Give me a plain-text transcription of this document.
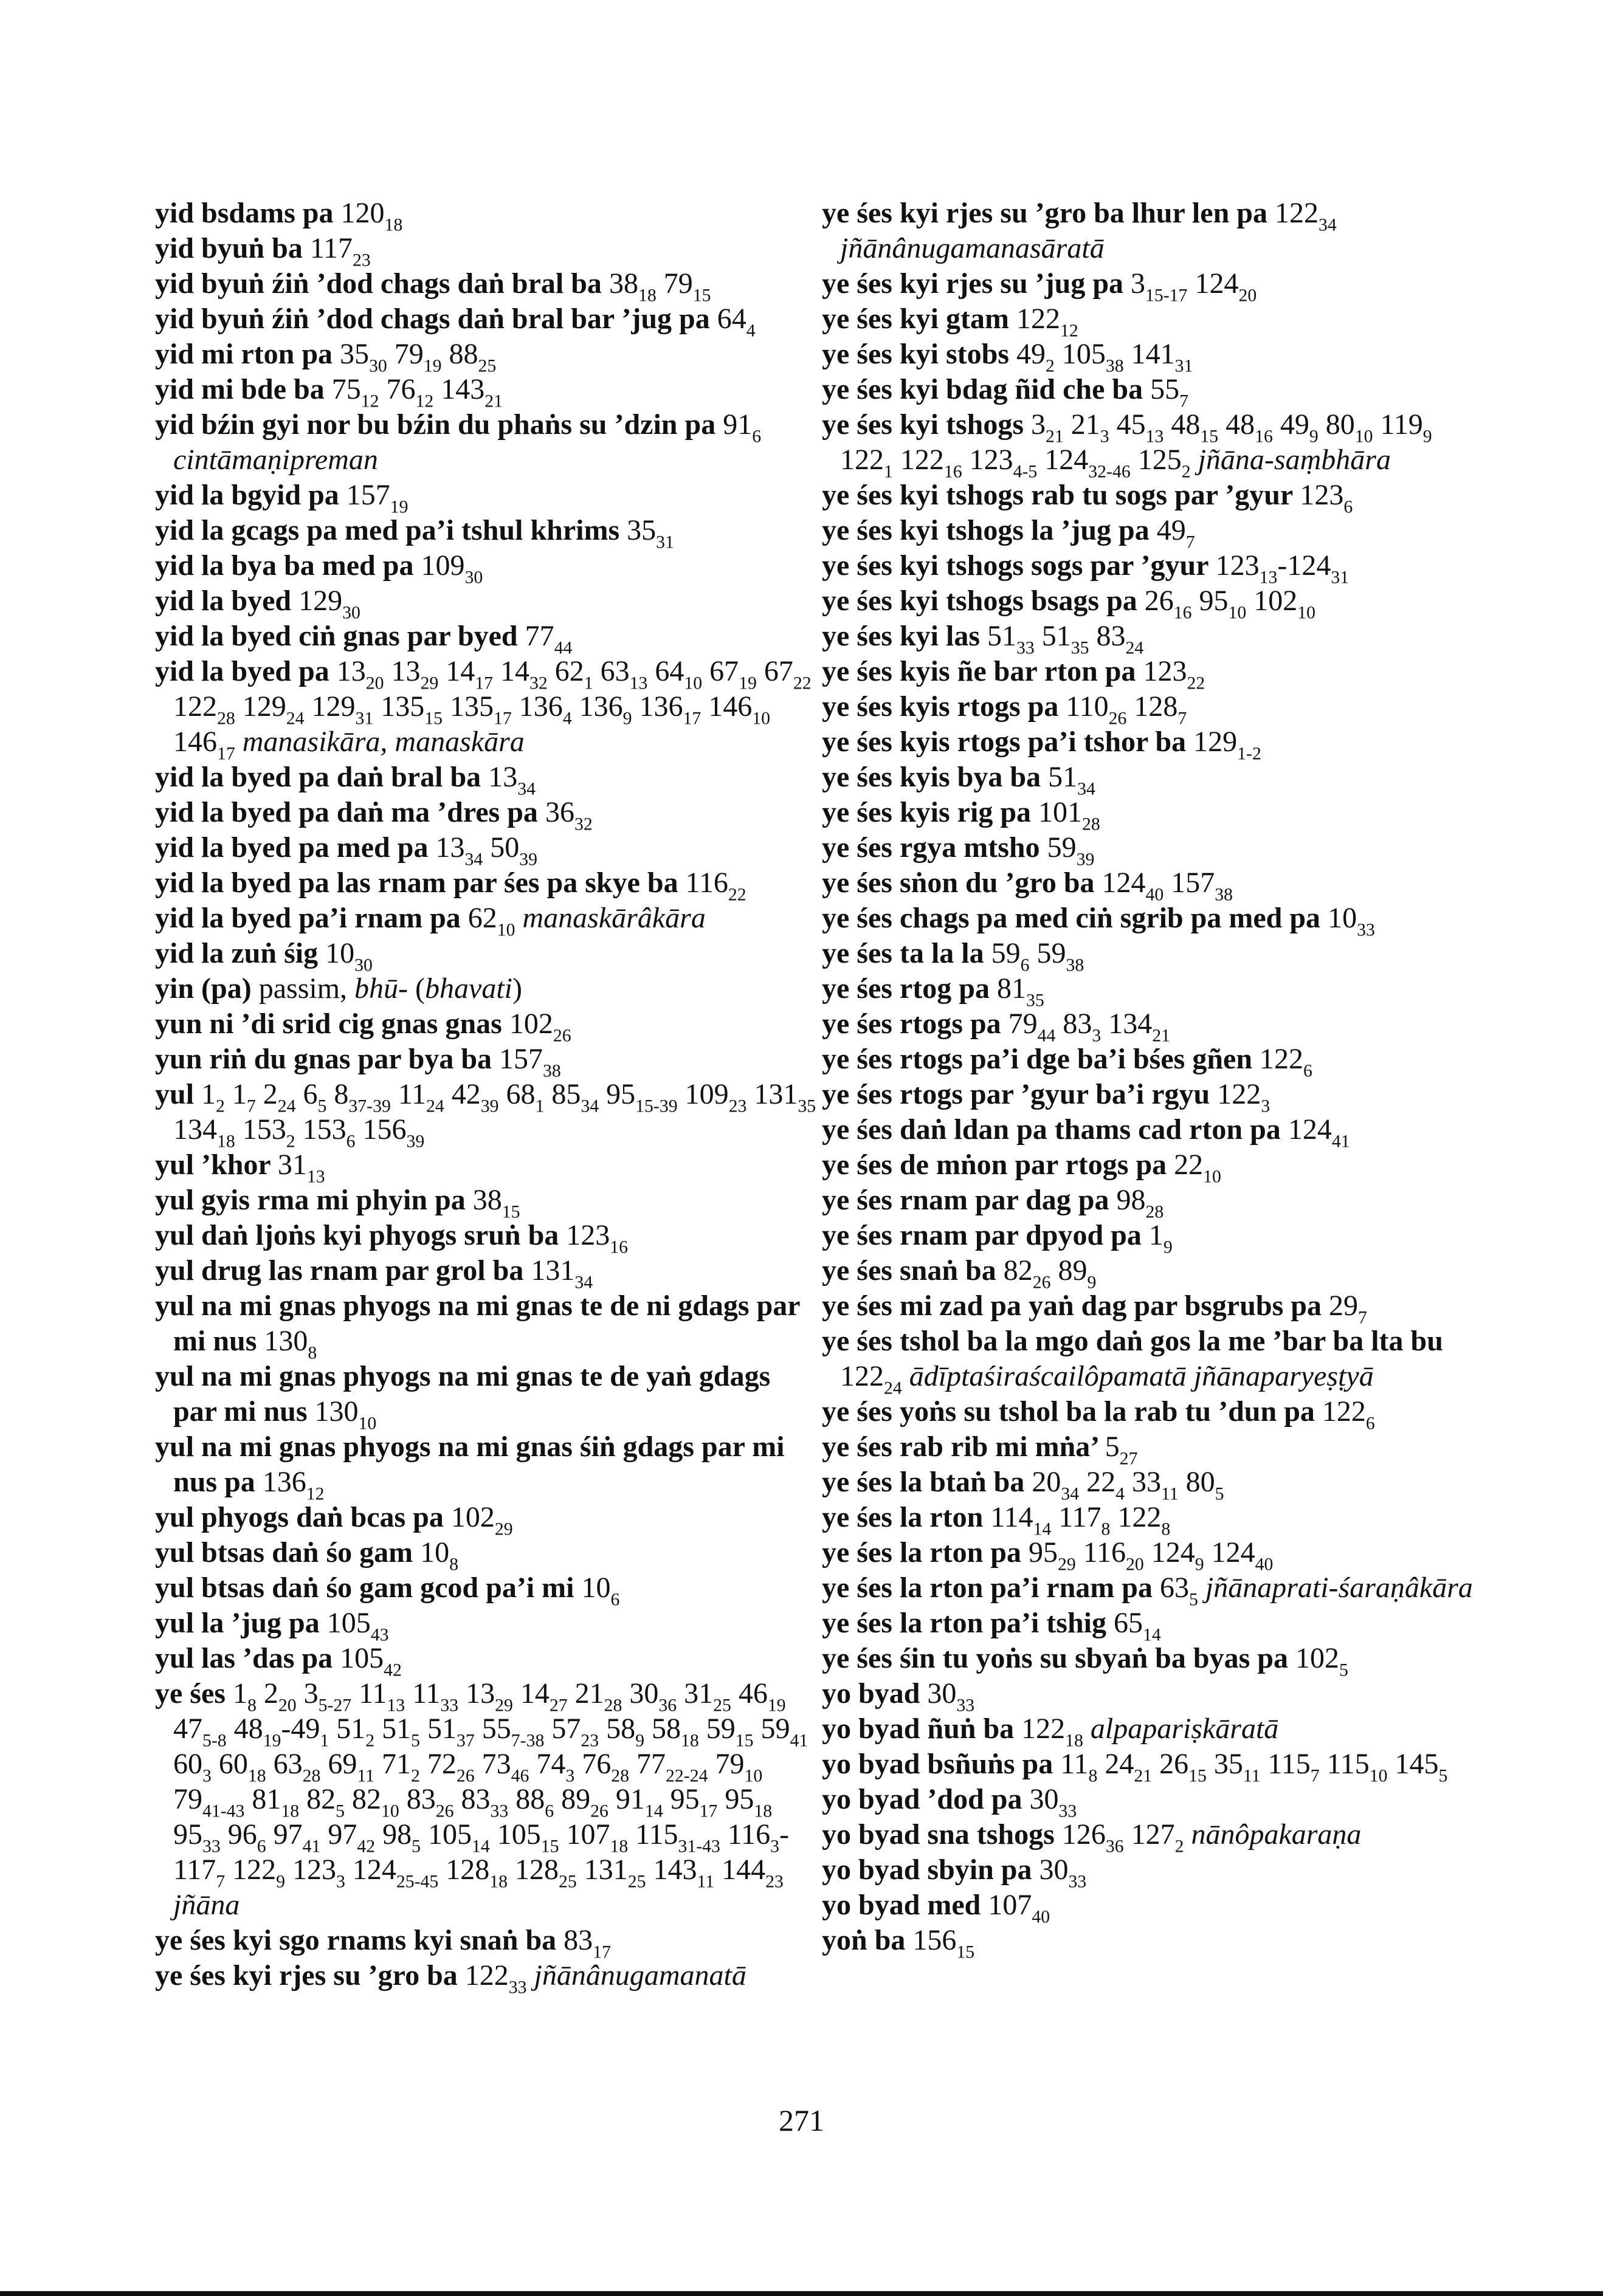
yid bsdams pa $120_{18}$
yid byuṅ ba $117_{23}$
yid byuṅ źiṅ ’dod chags daṅ bral ba $38_{18}$ $79_{15}$
yid byuṅ źiṅ ’dod chags daṅ bral bar ’jug pa $64_4$
yid mi rton pa $35_{30}$ $79_{19}$ $88_{25}$
yid mi bde ba $75_{12}$ $76_{12}$ $143_{21}$
yid bźin gyi nor bu bźin du phaṅs su ’dzin pa $91_6$ cintāmaṇipreman
yid la bgyid pa $157_{19}$
yid la gcags pa med pa’i tshul khrims $35_{31}$
yid la bya ba med pa $109_{30}$
yid la byed $129_{30}$
yid la byed ciṅ gnas par byed $77_{44}$
yid la byed pa $13_{20}$ $13_{29}$ $14_{17}$ $14_{32}$ $62_1$ $63_{13}$ $64_{10}$ $67_{19}$ $67_{22}$ $122_{28}$ $129_{24}$ $129_{31}$ $135_{15}$ $135_{17}$ $136_4$ $136_9$ $136_{17}$ $146_{10}$ $146_{17}$ manasikāra, manaskāra
yid la byed pa daṅ bral ba $13_{34}$
yid la byed pa daṅ ma ’dres pa $36_{32}$
yid la byed pa med pa $13_{34}$ $50_{39}$
yid la byed pa las rnam par śes pa skye ba $116_{22}$
yid la byed pa’i rnam pa $62_{10}$ manaskārâkāra
yid la zuṅ śig $10_{30}$
yin (pa) passim, bhū- (bhavati)
yun ni ’di srid cig gnas gnas $102_{26}$
yun riṅ du gnas par bya ba $157_{38}$
yul $1_2$ $1_7$ $2_{24}$ $6_5$ $8_{37-39}$ $11_{24}$ $42_{39}$ $68_1$ $85_{34}$ $95_{15-39}$ $109_{23}$ $131_{35}$ $134_{18}$ $153_2$ $153_6$ $156_{39}$
yul ’khor $31_{13}$
yul gyis rma mi phyin pa $38_{15}$
yul daṅ ljoṅs kyi phyogs sruṅ ba $123_{16}$
yul drug las rnam par grol ba $131_{34}$
yul na mi gnas phyogs na mi gnas te de ni gdags par mi nus $130_8$
yul na mi gnas phyogs na mi gnas te de yaṅ gdags par mi nus $130_{10}$
yul na mi gnas phyogs na mi gnas śiṅ gdags par mi nus pa $136_{12}$
yul phyogs daṅ bcas pa $102_{29}$
yul btsas daṅ śo gam $10_8$
yul btsas daṅ śo gam gcod pa’i mi $10_6$
yul la ’jug pa $105_{43}$
yul las ’das pa $105_{42}$
ye śes $1_8$ $2_{20}$ $3_{5-27}$ $11_{13}$ $11_{33}$ $13_{29}$ $14_{27}$ $21_{28}$ $30_{36}$ $31_{25}$ $46_{19}$ $47_{5-8}$ $48_{19}-49_1$ $51_2$ $51_5$ $51_{37}$ $55_{7-38}$ $57_{23}$ $58_9$ $58_{18}$ $59_{15}$ $59_{41}$ $60_3$ $60_{18}$ $63_{28}$ $69_{11}$ $71_2$ $72_{26}$ $73_{46}$ $74_3$ $76_{28}$ $77_{22-24}$ $79_{10}$ $79_{41-43}$ $81_{18}$ $82_5$ $82_{10}$ $83_{26}$ $83_{33}$ $88_6$ $89_{26}$ $91_{14}$ $95_{17}$ $95_{18}$ $95_{33}$ $96_6$ $97_{41}$ $97_{42}$ $98_5$ $105_{14}$ $105_{15}$ $107_{18}$ $115_{31-43}$ $116_3-117_7$ $122_9$ $123_3$ $124_{25-45}$ $128_{18}$ $128_{25}$ $131_{25}$ $143_{11}$ $144_{23}$ jñāna
ye śes kyi sgo rnams kyi snaṅ ba $83_{17}$
ye śes kyi rjes su ’gro ba $122_{33}$ jñānânugamanatā
ye śes kyi rjes su ’gro ba lhur len pa $122_{34}$ jñānânugamanasāratā
ye śes kyi rjes su ’jug pa $3_{15-17}$ $124_{20}$
ye śes kyi gtam $122_{12}$
ye śes kyi stobs $49_2$ $105_{38}$ $141_{31}$
ye śes kyi bdag ñid che ba $55_7$
ye śes kyi tshogs $3_{21}$ $21_3$ $45_{13}$ $48_{15}$ $48_{16}$ $49_9$ $80_{10}$ $119_9$ $122_1$ $122_{16}$ $123_{4-5}$ $124_{32-46}$ $125_2$ jñāna-saṃbhāra
ye śes kyi tshogs rab tu sogs par ’gyur $123_6$
ye śes kyi tshogs la ’jug pa $49_7$
ye śes kyi tshogs sogs par ’gyur $123_{13}-124_{31}$
ye śes kyi tshogs bsags pa $26_{16}$ $95_{10}$ $102_{10}$
ye śes kyi las $51_{33}$ $51_{35}$ $83_{24}$
ye śes kyis ñe bar rton pa $123_{22}$
ye śes kyis rtogs pa $110_{26}$ $128_7$
ye śes kyis rtogs pa’i tshor ba $129_{1-2}$
ye śes kyis bya ba $51_{34}$
ye śes kyis rig pa $101_{28}$
ye śes rgya mtsho $59_{39}$
ye śes sṅon du ’gro ba $124_{40}$ $157_{38}$
ye śes chags pa med ciṅ sgrib pa med pa $10_{33}$
ye śes ta la la $59_6$ $59_{38}$
ye śes rtog pa $81_{35}$
ye śes rtogs pa $79_{44}$ $83_3$ $134_{21}$
ye śes rtogs pa’i dge ba’i bśes gñen $122_6$
ye śes rtogs par ’gyur ba’i rgyu $122_3$
ye śes daṅ ldan pa thams cad rton pa $124_{41}$
ye śes de mṅon par rtogs pa $22_{10}$
ye śes rnam par dag pa $98_{28}$
ye śes rnam par dpyod pa $1_9$
ye śes snaṅ ba $82_{26}$ $89_9$
ye śes mi zad pa yaṅ dag par bsgrubs pa $29_7$
ye śes tshol ba la mgo daṅ gos la me ’bar ba lta bu $122_{24}$ ādīptaśiraścailôpamatā jñānaparyeṣṭyā
ye śes yoṅs su tshol ba la rab tu ’dun pa $122_6$
ye śes rab rib mi mṅa’ $5_{27}$
ye śes la btaṅ ba $20_{34}$ $22_4$ $33_{11}$ $80_5$
ye śes la rton $114_{14}$ $117_8$ $122_8$
ye śes la rton pa $95_{29}$ $116_{20}$ $124_9$ $124_{40}$
ye śes la rton pa’i rnam pa $63_5$ jñānaprati-śaraṇâkāra
ye śes la rton pa’i tshig $65_{14}$
ye śes śin tu yoṅs su sbyaṅ ba byas pa $102_5$
yo byad $30_{33}$
yo byad ñuṅ ba $122_{18}$ alpapariṣkāratā
yo byad bsñuṅs pa $11_8$ $24_{21}$ $26_{15}$ $35_{11}$ $115_7$ $115_{10}$ $145_5$
yo byad ’dod pa $30_{33}$
yo byad sna tshogs $126_{36}$ $127_2$ nānôpakaraṇa
yo byad sbyin pa $30_{33}$
yo byad med $107_{40}$
yoṅ ba $156_{15}$
271
